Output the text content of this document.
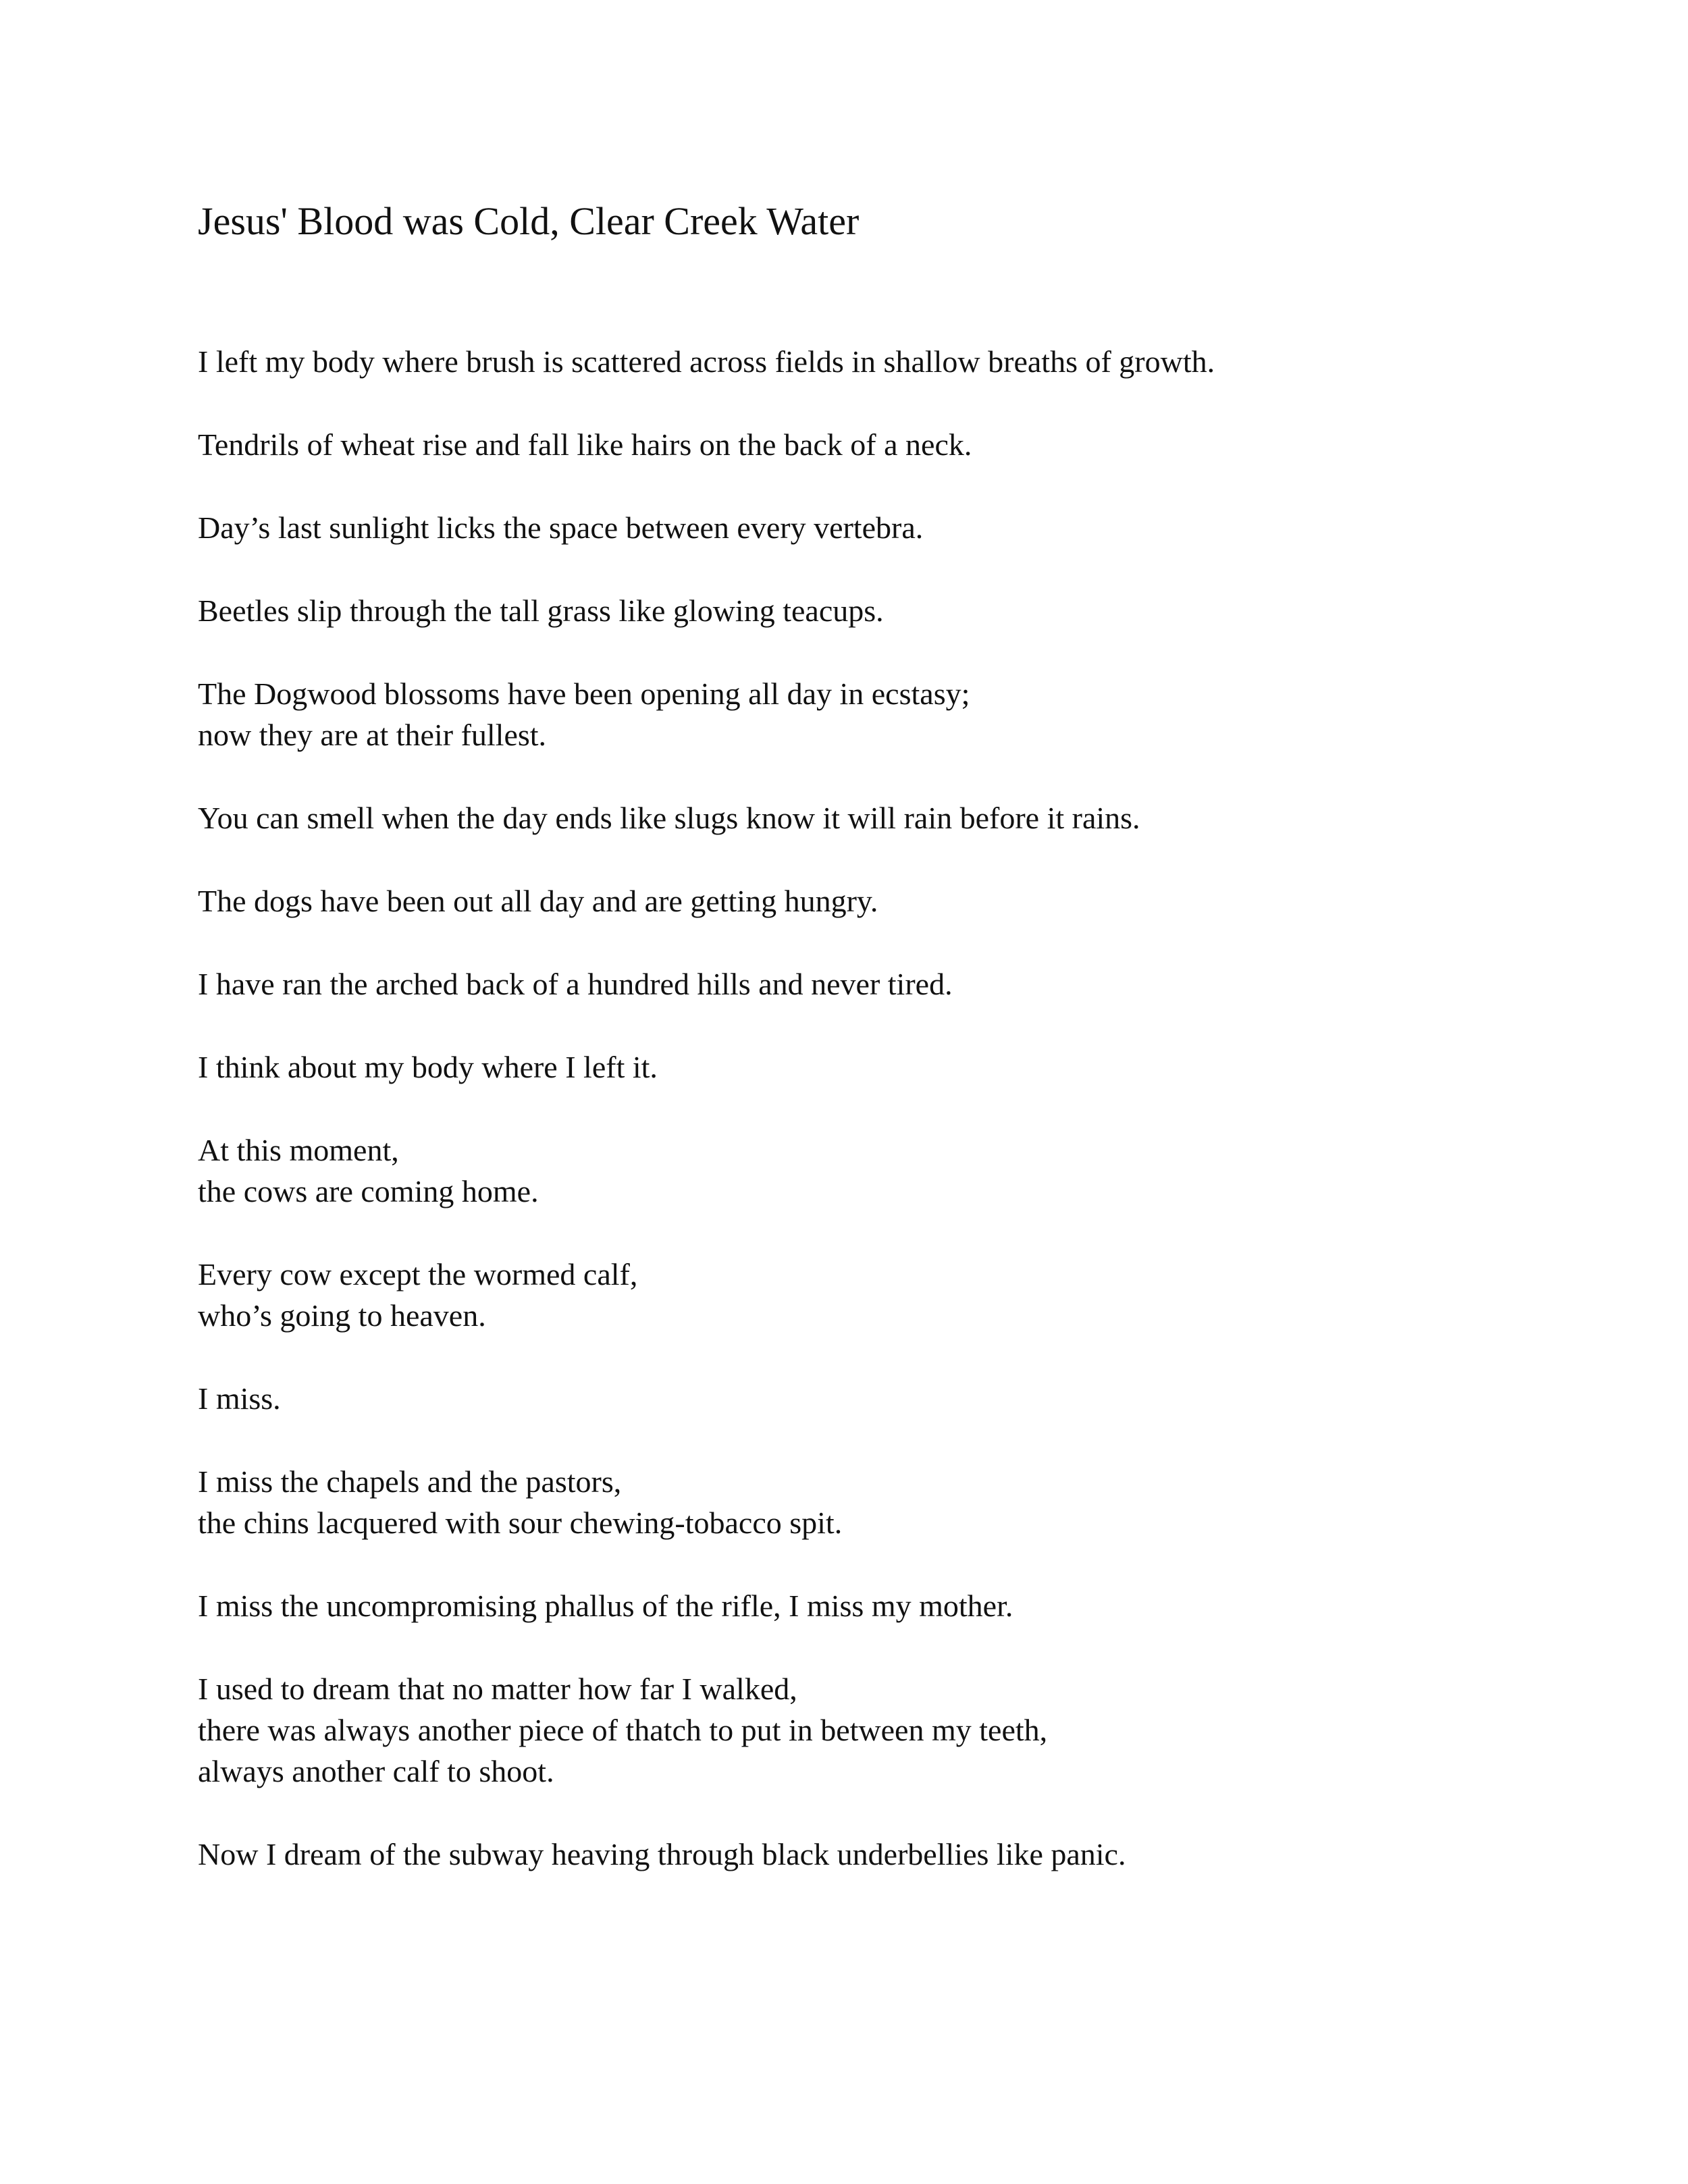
Jesus' Blood was Cold, Clear Creek Water

I left my body where brush is scattered across fields in shallow breaths of growth.

Tendrils of wheat rise and fall like hairs on the back of a neck.

Day’s last sunlight licks the space between every vertebra.

Beetles slip through the tall grass like glowing teacups.

The Dogwood blossoms have been opening all day in ecstasy;
now they are at their fullest.

You can smell when the day ends like slugs know it will rain before it rains.

The dogs have been out all day and are getting hungry.

I have ran the arched back of a hundred hills and never tired.

I think about my body where I left it.

At this moment,
the cows are coming home.

Every cow except the wormed calf,
who’s going to heaven.

I miss.

I miss the chapels and the pastors,
the chins lacquered with sour chewing-tobacco spit.

I miss the uncompromising phallus of the rifle, I miss my mother.

I used to dream that no matter how far I walked,
there was always another piece of thatch to put in between my teeth,
always another calf to shoot.

Now I dream of the subway heaving through black underbellies like panic.
